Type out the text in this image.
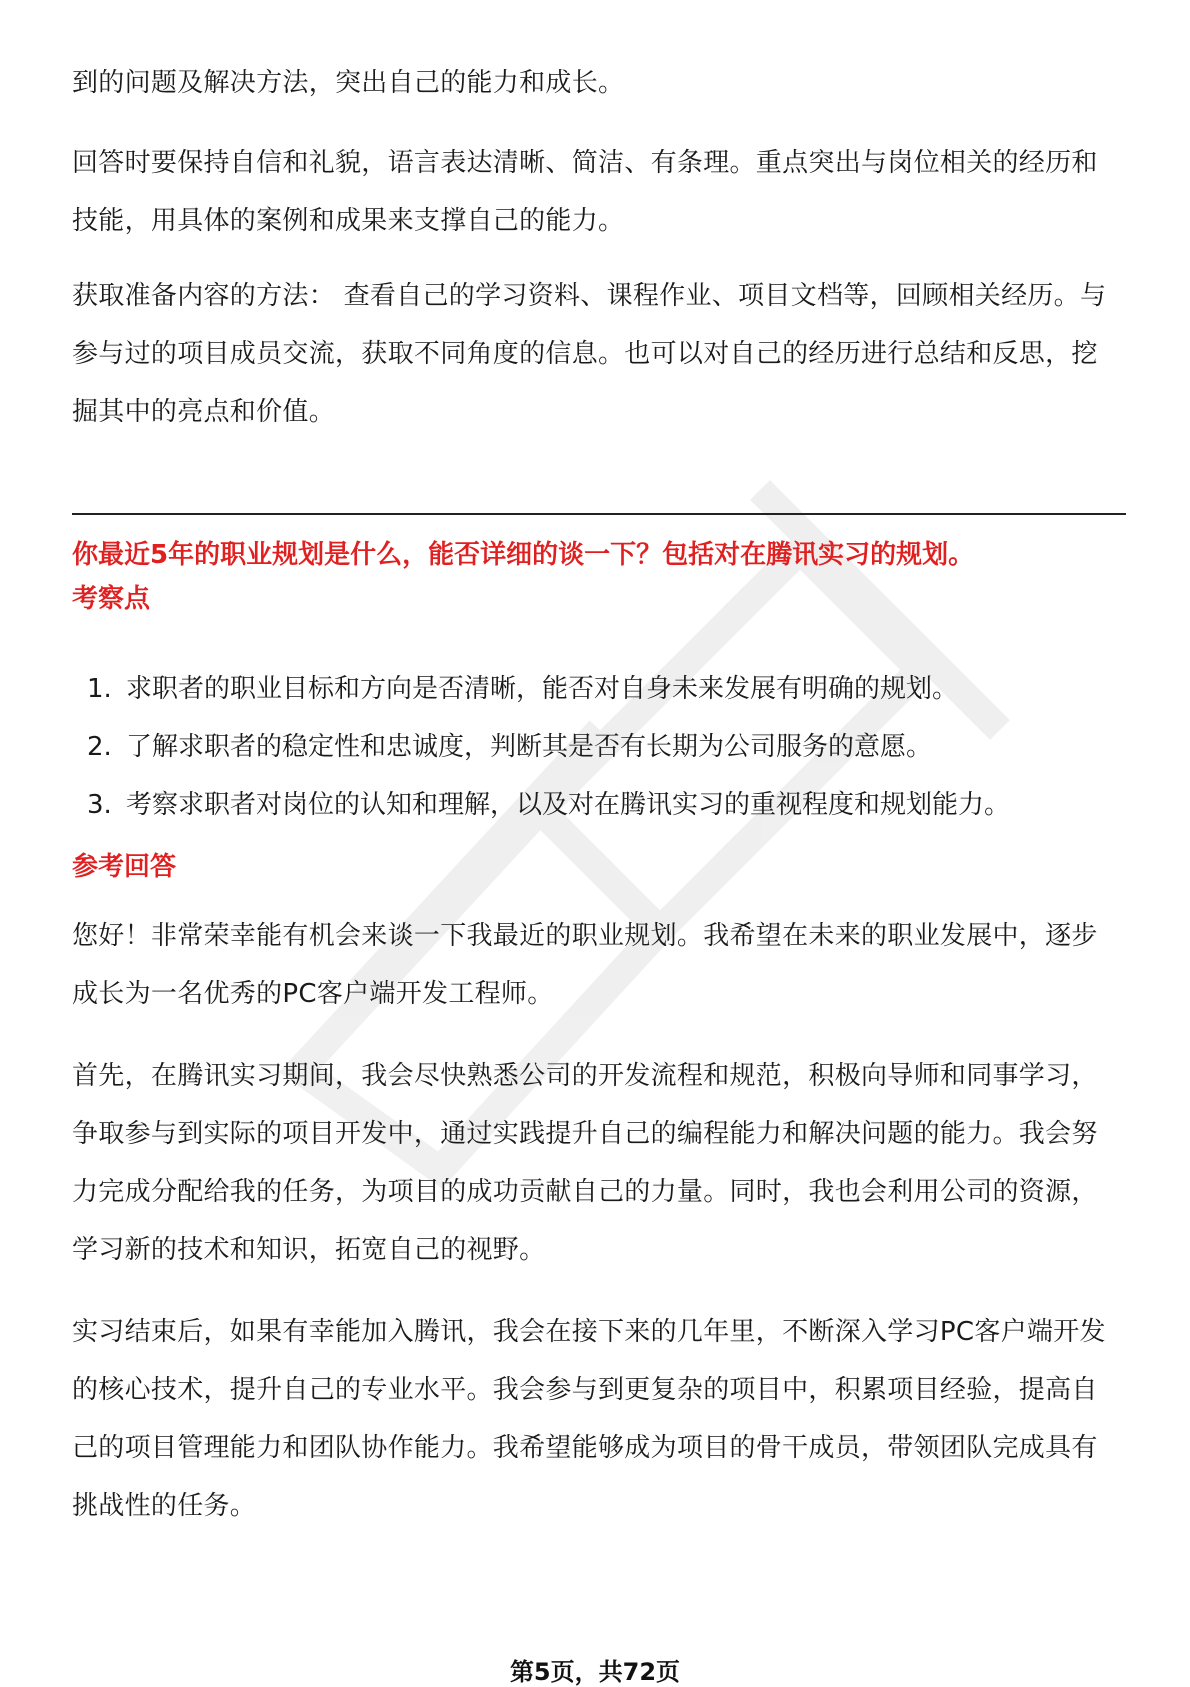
到的问题及解决方法，突出自己的能力和成长。

回答时要保持自信和礼貌，语言表达清晰、简洁、有条理。重点突出与岗位相关的经历和技能，用具体的案例和成果来支撑自己的能力。

获取准备内容的方法： 查看自己的学习资料、课程作业、项目文档等，回顾相关经历。与参与过的项目成员交流，获取不同角度的信息。也可以对自己的经历进行总结和反思，挖掘其中的亮点和价值。

你最近5年的职业规划是什么，能否详细的谈一下？包括对在腾讯实习的规划。

考察点

1. 求职者的职业目标和方向是否清晰，能否对自身未来发展有明确的规划。
2. 了解求职者的稳定性和忠诚度，判断其是否有长期为公司服务的意愿。
3. 考察求职者对岗位的认知和理解，以及对在腾讯实习的重视程度和规划能力。

参考回答

您好！非常荣幸能有机会来谈一下我最近的职业规划。我希望在未来的职业发展中，逐步成长为一名优秀的PC客户端开发工程师。

首先，在腾讯实习期间，我会尽快熟悉公司的开发流程和规范，积极向导师和同事学习，争取参与到实际的项目开发中，通过实践提升自己的编程能力和解决问题的能力。我会努力完成分配给我的任务，为项目的成功贡献自己的力量。同时，我也会利用公司的资源，学习新的技术和知识，拓宽自己的视野。

实习结束后，如果有幸能加入腾讯，我会在接下来的几年里，不断深入学习PC客户端开发的核心技术，提升自己的专业水平。我会参与到更复杂的项目中，积累项目经验，提高自己的项目管理能力和团队协作能力。我希望能够成为项目的骨干成员，带领团队完成具有挑战性的任务。

第5页，共72页
